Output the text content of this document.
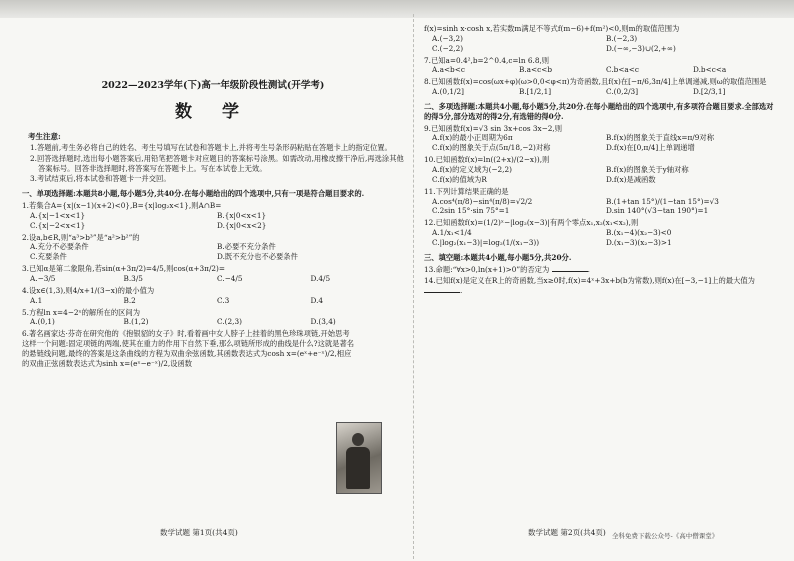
2022—2023学年(下)高一年级阶段性测试(开学考)
数 学
考生注意:
1.答题前,考生务必将自己的姓名、考生号填写在试卷和答题卡上,并将考生号条形码粘贴在答题卡上的指定位置。
2.回答选择题时,选出每小题答案后,用铅笔把答题卡对应题目的答案标号涂黑。如需改动,用橡皮擦干净后,再选涂其他答案标号。回答非选择题时,将答案写在答题卡上。写在本试卷上无效。
3.考试结束后,将本试卷和答题卡一并交回。
一、单项选择题:本题共8小题,每小题5分,共40分.在每小题给出的四个选项中,只有一项是符合题目要求的.
1.若集合A={x|(x−1)(x+2)<0},B={x|log₂x<1},则A∩B=
A.{x|−1<x<1}	B.{x|0<x<1}
C.{x|−2<x<1}	D.{x|0<x<2}
2.设a,b∈R,则“a³>b³”是“a²>b²”的
A.充分不必要条件	B.必要不充分条件
C.充要条件	D.既不充分也不必要条件
3.已知α是第二象限角,若sin(α+3π/2)=4/5,则cos(α+3π/2)=
A.−3/5	B.3/5	C.−4/5	D.4/5
4.设x∈(1,3),则4/x+1/(3−x)的最小值为
A.1	B.2	C.3	D.4
5.方程ln x=4−2ˣ的解所在的区间为
A.(0,1)	B.(1,2)	C.(2,3)	D.(3,4)
6.著名画家达·芬奇在研究他的《抱银貂的女子》时,看着画中女人脖子上挂着的黑色珍珠项链,开始思考这样一个问题:固定项链的两端,使其在重力的作用下自然下垂,那么项链所形成的曲线是什么?这就是著名的悬链线问题,最终的答案是这条曲线的方程为双曲余弦函数,其函数表达式为cosh x=(eˣ+e⁻ˣ)/2,相应的双曲正弦函数表达式为sinh x=(eˣ−e⁻ˣ)/2,设函数
数学试题 第1页(共4页)
f(x)=sinh x·cosh x,若实数m满足不等式f(m−6)+f(m²)<0,则m的取值范围为
A.(−3,2)	B.(−2,3)
C.(−2,2)	D.(−∞,−3)∪(2,+∞)
7.已知a=0.4²,b=2^0.4,c=ln 6.8,则
A.a<b<c	B.a<c<b	C.b<a<c	D.b<c<a
8.已知函数f(x)=cos(ωx+φ)(ω>0,0<φ<π)为奇函数,且f(x)在[−π/6,3π/4]上单调递减,则ω的取值范围是
A.(0,1/2]	B.[1/2,1]	C.(0,2/3]	D.[2/3,1]
二、多项选择题:本题共4小题,每小题5分,共20分.在每小题给出的四个选项中,有多项符合题目要求.全部选对的得5分,部分选对的得2分,有选错的得0分.
9.已知函数f(x)=√3 sin 3x+cos 3x−2,则
A.f(x)的最小正周期为6π	B.f(x)的图象关于直线x=π/9对称
C.f(x)的图象关于点(5π/18,−2)对称	D.f(x)在[0,π/4]上单调递增
10.已知函数f(x)=ln((2+x)/(2−x)),则
A.f(x)的定义域为(−2,2)	B.f(x)的图象关于y轴对称
C.f(x)的值域为R	D.f(x)是减函数
11.下列计算结果正确的是
A.cos⁴(π/8)−sin⁴(π/8)=√2/2	B.(1+tan 15°)/(1−tan 15°)=√3
C.2sin 15°·sin 75°=1	D.sin 140°(√3−tan 190°)=1
12.已知函数f(x)=(1/2)ˣ−|log₂(x−3)|有两个零点x₁,x₂(x₁<x₂),则
A.1/x₁<1/4	B.(x₁−4)(x₂−3)<0
C.|log₂(x₁−3)|=log₂(1/(x₁−3))	D.(x₁−3)(x₂−3)>1
三、填空题:本题共4小题,每小题5分,共20分.
13.命题:“∀x>0,ln(x+1)>0”的否定为	.
14.已知f(x)是定义在R上的奇函数,当x≥0时,f(x)=4ˣ+3x+b(b为常数),则f(x)在[−3,−1]上的最大值为 .
全科免费下载公众号-《高中僧课堂》
数学试题 第2页(共4页)
